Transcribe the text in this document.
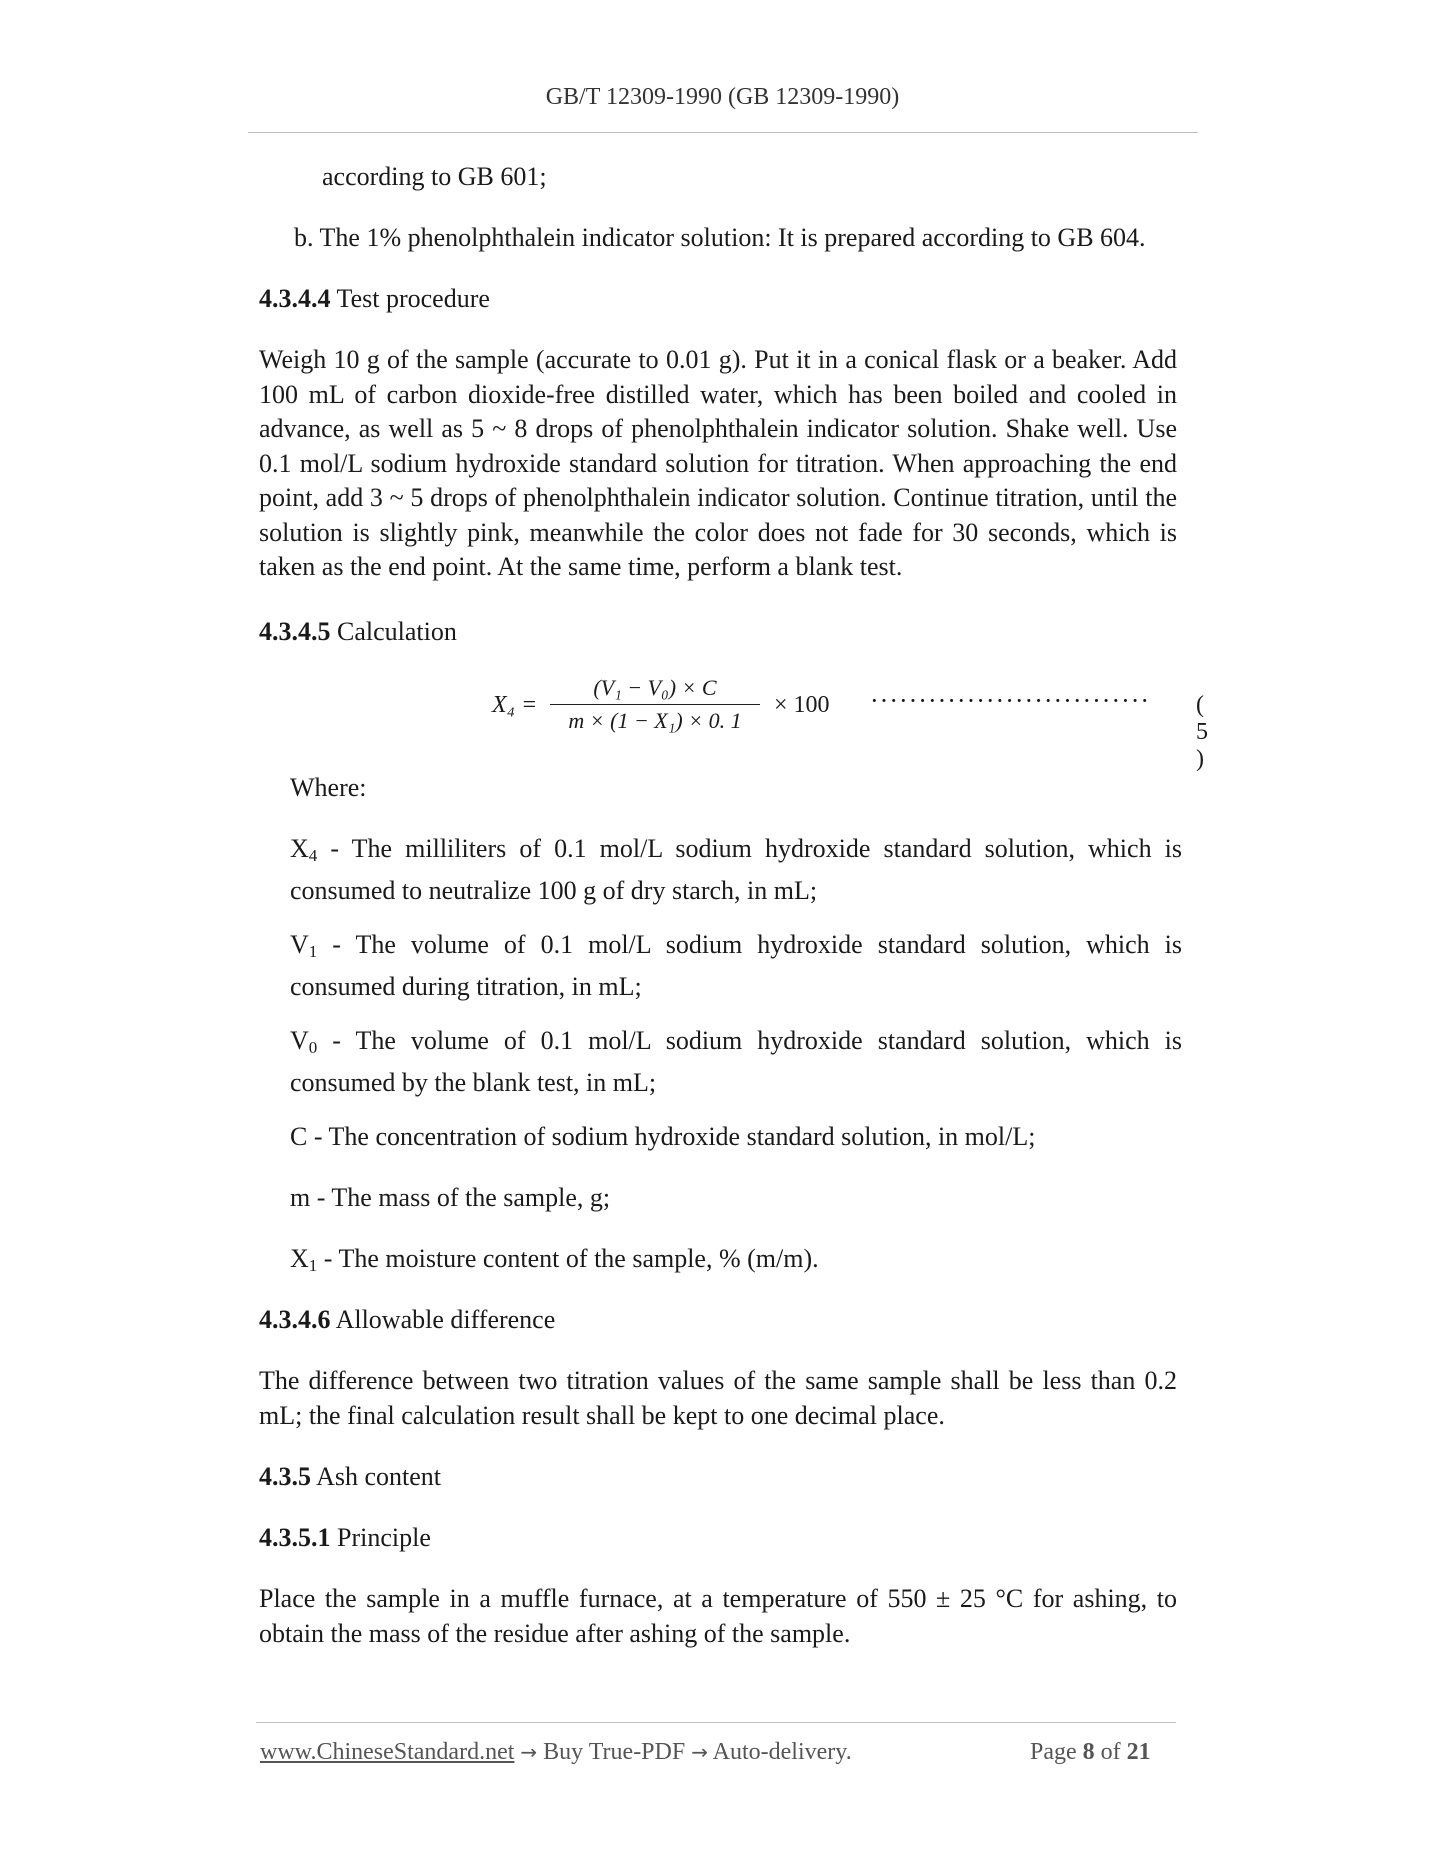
GB/T 12309-1990 (GB 12309-1990)

according to GB 601;

b. The 1% phenolphthalein indicator solution: It is prepared according to GB 604.

4.3.4.4 Test procedure

Weigh 10 g of the sample (accurate to 0.01 g). Put it in a conical flask or a beaker. Add 100 mL of carbon dioxide-free distilled water, which has been boiled and cooled in advance, as well as 5 ~ 8 drops of phenolphthalein indicator solution. Shake well. Use 0.1 mol/L sodium hydroxide standard solution for titration. When approaching the end point, add 3 ~ 5 drops of phenolphthalein indicator solution. Continue titration, until the solution is slightly pink, meanwhile the color does not fade for 30 seconds, which is taken as the end point. At the same time, perform a blank test.

4.3.4.5 Calculation

X₄ =
(V₁ − V₀) × C
m × (1 − X₁) × 0. 1
× 100 ····························· ( 5 )

Where:

$X_4$ - The milliliters of 0.1 mol/L sodium hydroxide standard solution, which is consumed to neutralize 100 g of dry starch, in mL;

$V_1$ - The volume of 0.1 mol/L sodium hydroxide standard solution, which is consumed during titration, in mL;

$V_0$ - The volume of 0.1 mol/L sodium hydroxide standard solution, which is consumed by the blank test, in mL;

C - The concentration of sodium hydroxide standard solution, in mol/L;

m - The mass of the sample, g;

$X_1$ - The moisture content of the sample, % (m/m).

4.3.4.6 Allowable difference

The difference between two titration values of the same sample shall be less than 0.2 mL; the final calculation result shall be kept to one decimal place.

4.3.5 Ash content

4.3.5.1 Principle

Place the sample in a muffle furnace, at a temperature of 550 ± 25 °C for ashing, to obtain the mass of the residue after ashing of the sample.

www.ChineseStandard.net → Buy True-PDF → Auto-delivery.	Page 8 of 21
